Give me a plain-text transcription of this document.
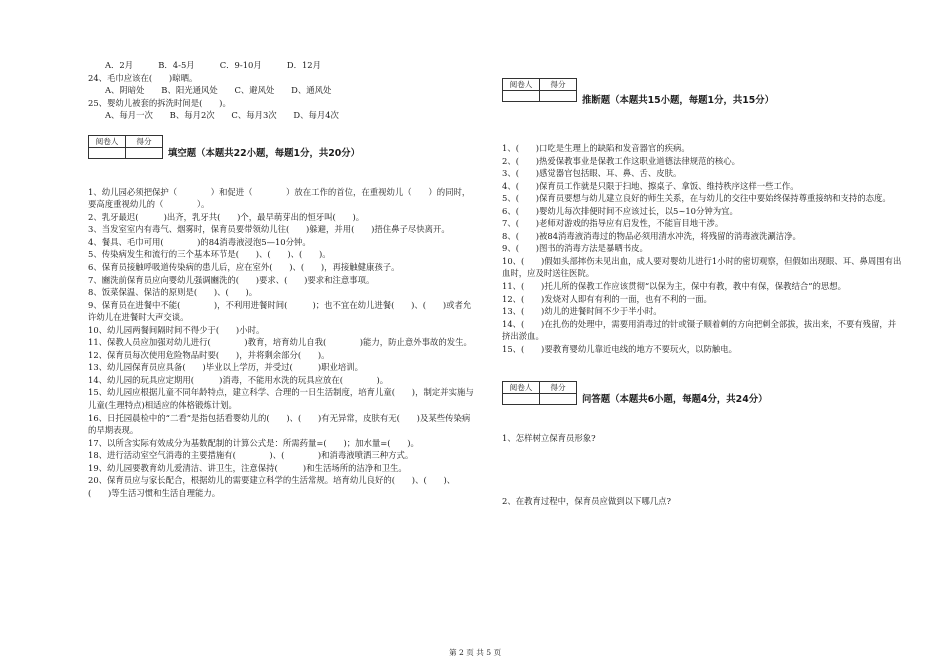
A．2月　　　B．4-5月　　　C．9-10月　　　D．12月
24、毛巾应该在(　　)晾晒。
A、阴暗处　　B、阳光通风处　　C、避风处　　D、通风处
25、婴幼儿被套的拆洗时间是(　　)。
A、每月一次　　B、每月2次　　C、每月3次　　D、每月4次
阅卷人	得分

填空题（本题共22小题，每题1分，共20分）
1、幼儿园必须把保护（　　　　）和促进（　　　　）放在工作的首位，在重视幼儿（　　）的同时，要高度重视幼儿的（　　　　）。
2、乳牙最迟(　　　)出齐，乳牙共(　　)个，最早萌芽出的恒牙叫(　　)。
3、当发室室内有毒气、烟雾时，保育员要带领幼儿往(　　)躲避，并用(　　)捂住鼻子尽快离开。
4、餐具、毛巾可用(　　　　)的84消毒液浸泡5—10分钟。
5、传染病发生和流行的三个基本环节是(　　)、(　　)、(　　)。
6、保育员接触呼吸道传染病的患儿后，应在室外(　　)、(　　)，再接触健康孩子。
7、豳洗前保育员应向婴幼儿强调豳洗的(　　)要求、(　　)要求和注意事项。
8、饭菜保温、保洁的原则是(　　)、(　　)。
9、保育员在进餐中不能(　　　　)，不利用进餐时间(　　　)；也不宜在幼儿进餐(　　)、(　　)或者允许幼儿在进餐时大声交谈。
10、幼儿园两餐间隔时间不得少于(　　)小时。
11、保教人员应加强对幼儿进行(　　　　)教育，培育幼儿自我(　　　　)能力，防止意外事故的发生。
12、保育员每次使用危险物品时要(　　)，并将剩余部分(　　)。
13、幼儿园保育员应具备(　　)毕业以上学历，并受过(　　　)职业培训。
14、幼儿园的玩具应定期用(　　　)消毒，不能用水洗的玩具应放在(　　　　)。
15、幼儿园应根据儿童不同年龄特点，建立科学、合理的一日生活制度，培育儿童(　　)，制定并实施与儿童(生理特点)相适应的体格锻炼计划。
16、日托园晨检中的“二看”是指包括看婴幼儿的(　　)、(　　)有无异常，皮肤有无(　　)及某些传染病的早期表现。
17、以所含实际有效成分为基数配制的计算公式是：所需药量=(　　)；加水量=(　　)。
18、进行活动室空气消毒的主要措施有(　　　　)、(　　　　)和消毒液喷洒三种方式。
19、幼儿园要教育幼儿爱清洁、讲卫生，注意保持(　　　)和生活场所的洁净和卫生。
20、保育员应与家长配合，根据幼儿的需要建立科学的生活常规。培育幼儿良好的(　　)、(　　)、(　　)等生活习惯和生活自理能力。
阅卷人	得分

推断题（本题共15小题，每题1分，共15分）
1、(　　)口吃是生理上的缺陷和发音器官的疾病。
2、(　　)热爱保教事业是保教工作这职业道德法律规范的核心。
3、(　　)感觉器官包括眼、耳、鼻、舌、皮肤。
4、(　　)保育员工作就是只限于扫地、擦桌子、拿饭、维持秩序这样一些工作。
5、(　　)保育员要想与幼儿建立良好的师生关系，在与幼儿的交往中要始终保持尊重接纳和支持的态度。
6、(　　)婴幼儿每次排便时间不应该过长，以5~10分钟为宜。
7、(　　)老师对游戏的指导应有启发性，不能盲目地干涉。
8、(　　)被84消毒液消毒过的物品必须用清水冲洗，将残留的消毒液洗涮洁净。
9、(　　)图书的消毒方法是暴晒书皮。
10、(　　)假如头部摔伤未见出血，成人要对婴幼儿进行1小时的密切观察，但假如出现眼、耳、鼻周围有出血时，应及时送往医院。
11、(　　)托儿所的保教工作应该贯彻“以保为主，保中有教，教中有保，保教结合”的思想。
12、(　　)发烧对人即有有利的一面，也有不利的一面。
13、(　　)幼儿的进餐时间不少于半小时。
14、(　　)在扎伤的处理中，需要用消毒过的针或镊子顺着刺的方向把刺全部拔，拔出来，不要有残留，并挤出淤血。
15、(　　)要教育婴幼儿靠近电线的地方不要玩火，以防触电。
阅卷人	得分

问答题（本题共6小题，每题4分，共24分）
1、怎样树立保育员形象?
2、在教育过程中，保育员应做到以下哪几点?
第 2 页 共 5 页
